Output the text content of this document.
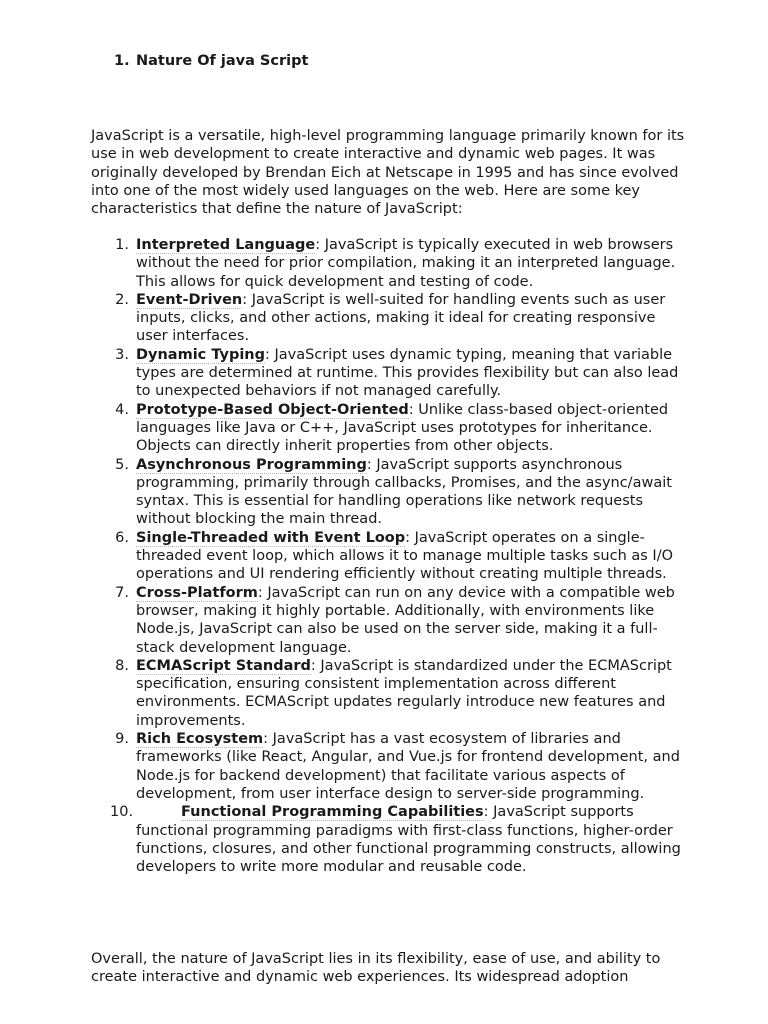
1. Nature Of java Script

JavaScript is a versatile, high-level programming language primarily known for its use in web development to create interactive and dynamic web pages. It was originally developed by Brendan Eich at Netscape in 1995 and has since evolved into one of the most widely used languages on the web. Here are some key characteristics that define the nature of JavaScript:

1. Interpreted Language: JavaScript is typically executed in web browsers without the need for prior compilation, making it an interpreted language. This allows for quick development and testing of code.
2. Event-Driven: JavaScript is well-suited for handling events such as user inputs, clicks, and other actions, making it ideal for creating responsive user interfaces.
3. Dynamic Typing: JavaScript uses dynamic typing, meaning that variable types are determined at runtime. This provides flexibility but can also lead to unexpected behaviors if not managed carefully.
4. Prototype-Based Object-Oriented: Unlike class-based object-oriented languages like Java or C++, JavaScript uses prototypes for inheritance. Objects can directly inherit properties from other objects.
5. Asynchronous Programming: JavaScript supports asynchronous programming, primarily through callbacks, Promises, and the async/await syntax. This is essential for handling operations like network requests without blocking the main thread.
6. Single-Threaded with Event Loop: JavaScript operates on a single-threaded event loop, which allows it to manage multiple tasks such as I/O operations and UI rendering efficiently without creating multiple threads.
7. Cross-Platform: JavaScript can run on any device with a compatible web browser, making it highly portable. Additionally, with environments like Node.js, JavaScript can also be used on the server side, making it a full-stack development language.
8. ECMAScript Standard: JavaScript is standardized under the ECMAScript specification, ensuring consistent implementation across different environments. ECMAScript updates regularly introduce new features and improvements.
9. Rich Ecosystem: JavaScript has a vast ecosystem of libraries and frameworks (like React, Angular, and Vue.js for frontend development, and Node.js for backend development) that facilitate various aspects of development, from user interface design to server-side programming.
10.	Functional Programming Capabilities: JavaScript supports functional programming paradigms with first-class functions, higher-order functions, closures, and other functional programming constructs, allowing developers to write more modular and reusable code.

Overall, the nature of JavaScript lies in its flexibility, ease of use, and ability to create interactive and dynamic web experiences. Its widespread adoption
